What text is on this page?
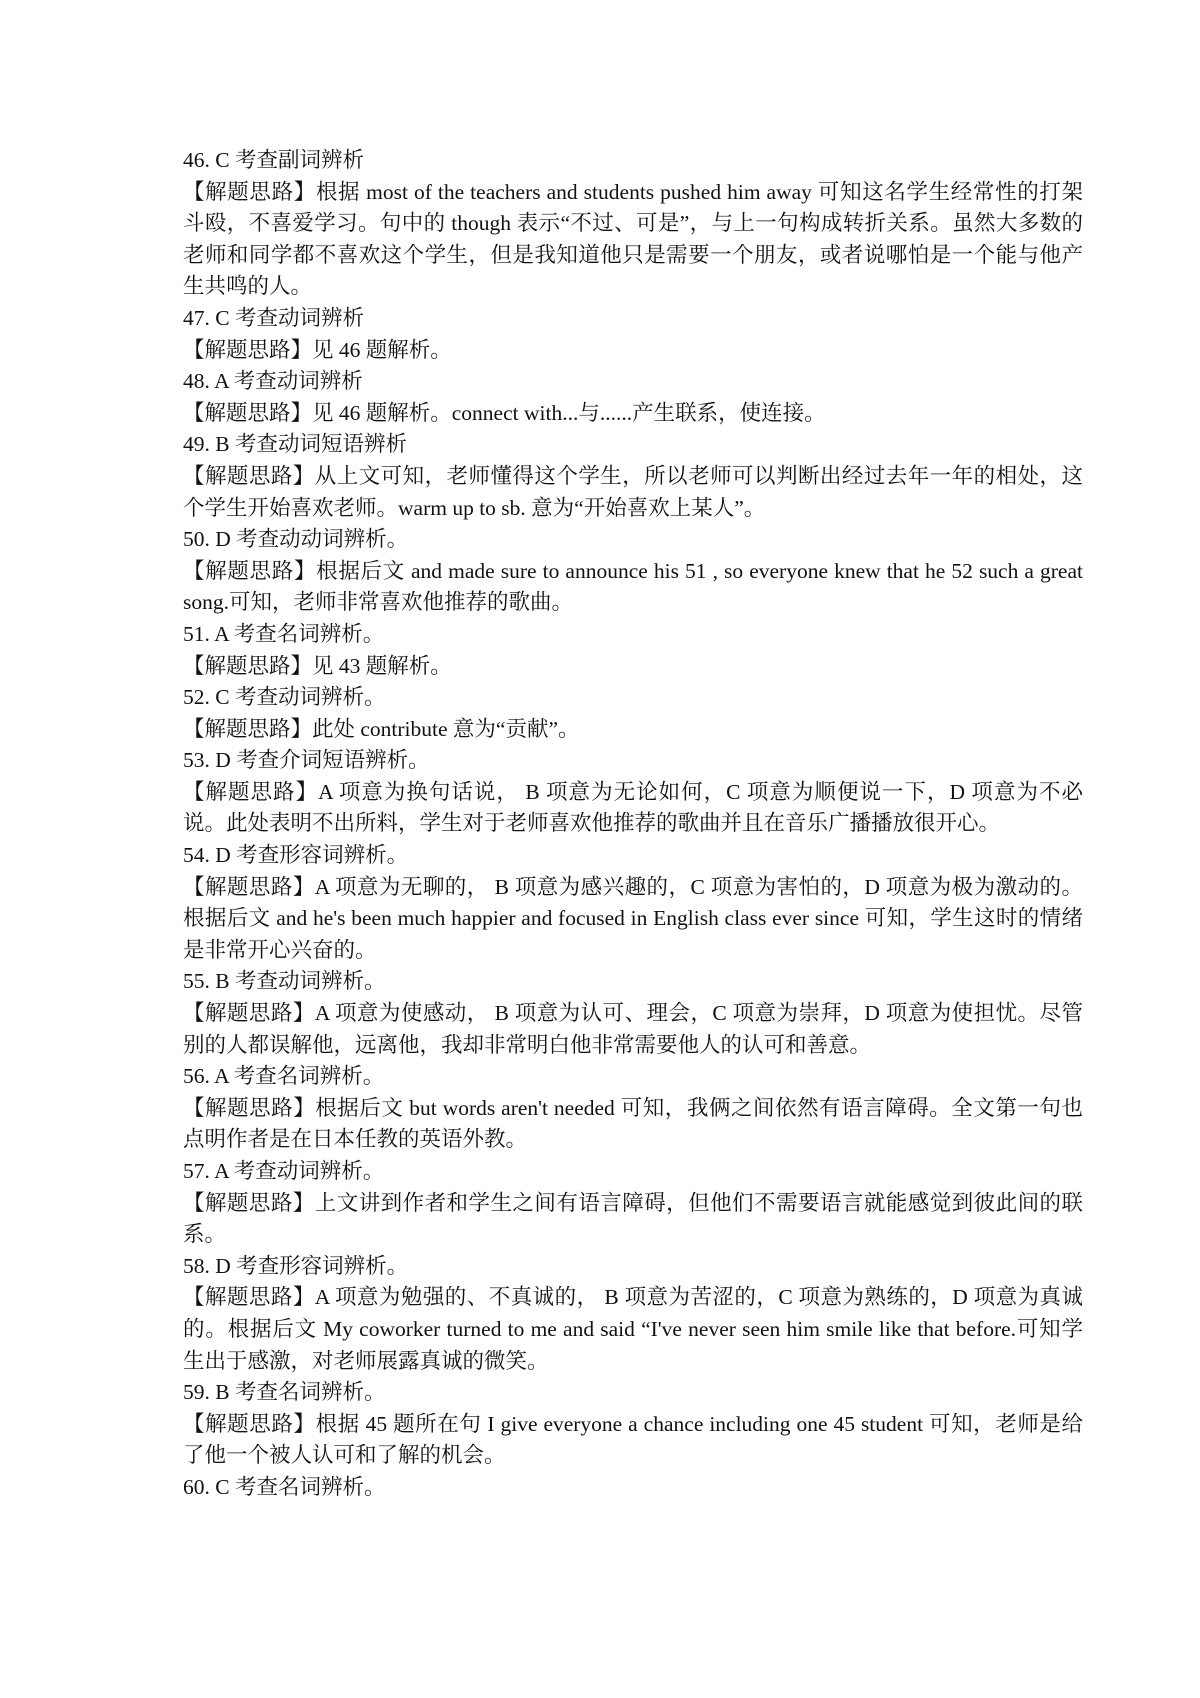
46. C 考查副词辨析

【解题思路】根据 most of the teachers and students pushed him away 可知这名学生经常性的打架斗殴，不喜爱学习。句中的 though 表示“不过、可是”，与上一句构成转折关系。虽然大多数的老师和同学都不喜欢这个学生，但是我知道他只是需要一个朋友，或者说哪怕是一个能与他产生共鸣的人。

47. C 考查动词辨析

【解题思路】见 46 题解析。

48. A 考查动词辨析

【解题思路】见 46 题解析。connect with...与......产生联系，使连接。

49. B 考查动词短语辨析

【解题思路】从上文可知，老师懂得这个学生，所以老师可以判断出经过去年一年的相处，这个学生开始喜欢老师。warm up to sb. 意为“开始喜欢上某人”。

50. D 考查动动词辨析。

【解题思路】根据后文 and made sure to announce his 51 , so everyone knew that he 52 such a great song.可知，老师非常喜欢他推荐的歌曲。

51. A 考查名词辨析。

【解题思路】见 43 题解析。

52. C 考查动词辨析。

【解题思路】此处 contribute 意为“贡献”。

53. D 考查介词短语辨析。

【解题思路】A 项意为换句话说， B 项意为无论如何，C 项意为顺便说一下，D 项意为不必说。此处表明不出所料，学生对于老师喜欢他推荐的歌曲并且在音乐广播播放很开心。

54. D 考查形容词辨析。

【解题思路】A 项意为无聊的， B 项意为感兴趣的，C 项意为害怕的，D 项意为极为激动的。根据后文 and he's been much happier and focused in English class ever since 可知，学生这时的情绪是非常开心兴奋的。

55. B 考查动词辨析。

【解题思路】A 项意为使感动， B 项意为认可、理会，C 项意为崇拜，D 项意为使担忧。尽管别的人都误解他，远离他，我却非常明白他非常需要他人的认可和善意。

56. A 考查名词辨析。

【解题思路】根据后文 but words aren't needed 可知，我俩之间依然有语言障碍。全文第一句也点明作者是在日本任教的英语外教。

57. A 考查动词辨析。

【解题思路】上文讲到作者和学生之间有语言障碍，但他们不需要语言就能感觉到彼此间的联系。

58. D 考查形容词辨析。

【解题思路】A 项意为勉强的、不真诚的， B 项意为苦涩的，C 项意为熟练的，D 项意为真诚的。根据后文 My coworker turned to me and said “I've never seen him smile like that before.可知学生出于感激，对老师展露真诚的微笑。

59. B 考查名词辨析。

【解题思路】根据 45 题所在句 I give everyone a chance including one 45 student 可知，老师是给了他一个被人认可和了解的机会。

60. C 考查名词辨析。
